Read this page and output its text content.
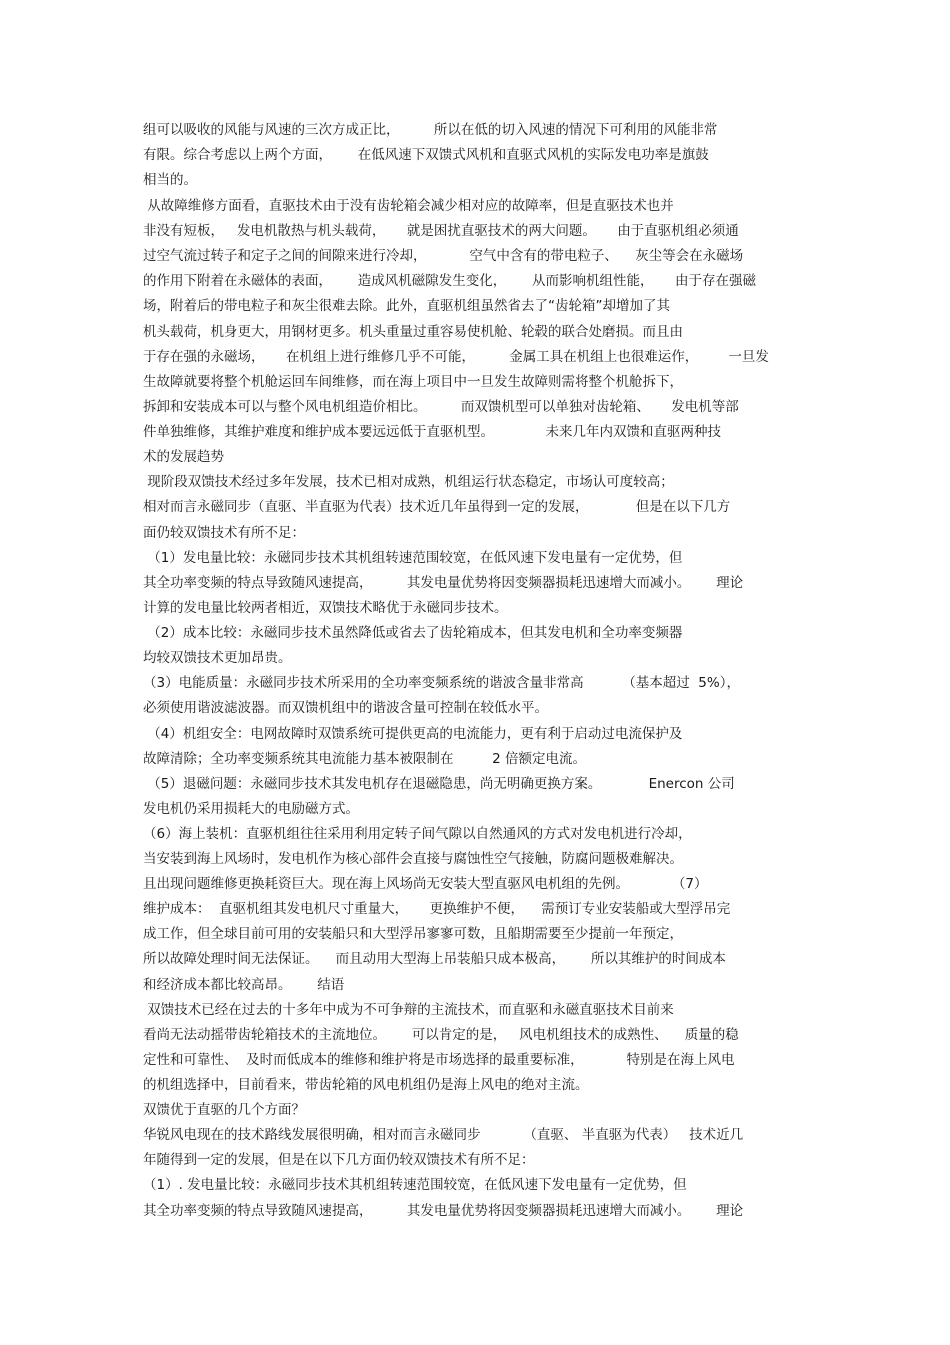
组可以吸收的风能与风速的三次方成正比，        所以在低的切入风速的情况下可利用的风能非常

有限。综合考虑以上两个方面，      在低风速下双馈式风机和直驱式风机的实际发电功率是旗鼓

相当的。

从故障维修方面看，直驱技术由于没有齿轮箱会减少相对应的故障率，但是直驱技术也并

非没有短板，   发电机散热与机头载荷，     就是困扰直驱技术的两大问题。     由于直驱机组必须通

过空气流过转子和定子之间的间隙来进行冷却，          空气中含有的带电粒子、    灰尘等会在永磁场

的作用下附着在永磁体的表面，      造成风机磁隙发生变化，      从而影响机组性能，     由于存在强磁

场，附着后的带电粒子和灰尘很难去除。此外，直驱机组虽然省去了“齿轮箱”却增加了其

机头载荷，机身更大，用钢材更多。机头重量过重容易使机舱、轮毂的联合处磨损。而且由

于存在强的永磁场，     在机组上进行维修几乎不可能，        金属工具在机组上也很难运作，       一旦发

生故障就要将整个机舱运回车间维修，而在海上项目中一旦发生故障则需将整个机舱拆下，

拆卸和安装成本可以与整个风电机组造价相比。        而双馈机型可以单独对齿轮箱、     发电机等部

件单独维修，其维护难度和维护成本要远远低于直驱机型。            未来几年内双馈和直驱两种技

术的发展趋势

现阶段双馈技术经过多年发展，技术已相对成熟，机组运行状态稳定，市场认可度较高；

相对而言永磁同步（直驱、半直驱为代表）技术近几年虽得到一定的发展，           但是在以下几方

面仍较双馈技术有所不足：

（1）发电量比较：永磁同步技术其机组转速范围较宽，在低风速下发电量有一定优势，但

其全功率变频的特点导致随风速提高，        其发电量优势将因变频器损耗迅速增大而减小。      理论

计算的发电量比较两者相近，双馈技术略优于永磁同步技术。

（2）成本比较：永磁同步技术虽然降低或省去了齿轮箱成本，但其发电机和全功率变频器

均较双馈技术更加昂贵。

（3）电能质量：永磁同步技术所采用的全功率变频系统的谐波含量非常高         （基本超过  5%），

必须使用谐波滤波器。而双馈机组中的谐波含量可控制在较低水平。

（4）机组安全：电网故障时双馈系统可提供更高的电流能力，更有利于启动过电流保护及

故障清除；全功率变频系统其电流能力基本被限制在         2 倍额定电流。

（5）退磁问题：永磁同步技术其发电机存在退磁隐患，尚无明确更换方案。           Enercon 公司

发电机仍采用损耗大的电励磁方式。

（6）海上装机：直驱机组往往采用利用定转子间气隙以自然通风的方式对发电机进行冷却，

当安装到海上风场时，发电机作为核心部件会直接与腐蚀性空气接触，防腐问题极难解决。

且出现问题维修更换耗资巨大。现在海上风场尚无安装大型直驱风电机组的先例。          （7）

维护成本：  直驱机组其发电机尺寸重量大，     更换维护不便，    需预订专业安装船或大型浮吊完

成工作，但全球目前可用的安装船只和大型浮吊寥寥可数，且船期需要至少提前一年预定，

所以故障处理时间无法保证。    而且动用大型海上吊装船只成本极高，      所以其维护的时间成本

和经济成本都比较高昂。      结语

双馈技术已经在过去的十多年中成为不可争辩的主流技术，而直驱和永磁直驱技术目前来

看尚无法动摇带齿轮箱技术的主流地位。      可以肯定的是，   风电机组技术的成熟性、    质量的稳

定性和可靠性、  及时而低成本的维修和维护将是市场选择的最重要标准，          特别是在海上风电

的机组选择中，目前看来，带齿轮箱的风电机组仍是海上风电的绝对主流。

双馈优于直驱的几个方面？

华锐风电现在的技术路线发展很明确，相对而言永磁同步          （直驱、 半直驱为代表）   技术近几

年随得到一定的发展，但是在以下几方面仍较双馈技术有所不足：

（1）. 发电量比较：永磁同步技术其机组转速范围较宽，在低风速下发电量有一定优势，但

其全功率变频的特点导致随风速提高，        其发电量优势将因变频器损耗迅速增大而减小。      理论
